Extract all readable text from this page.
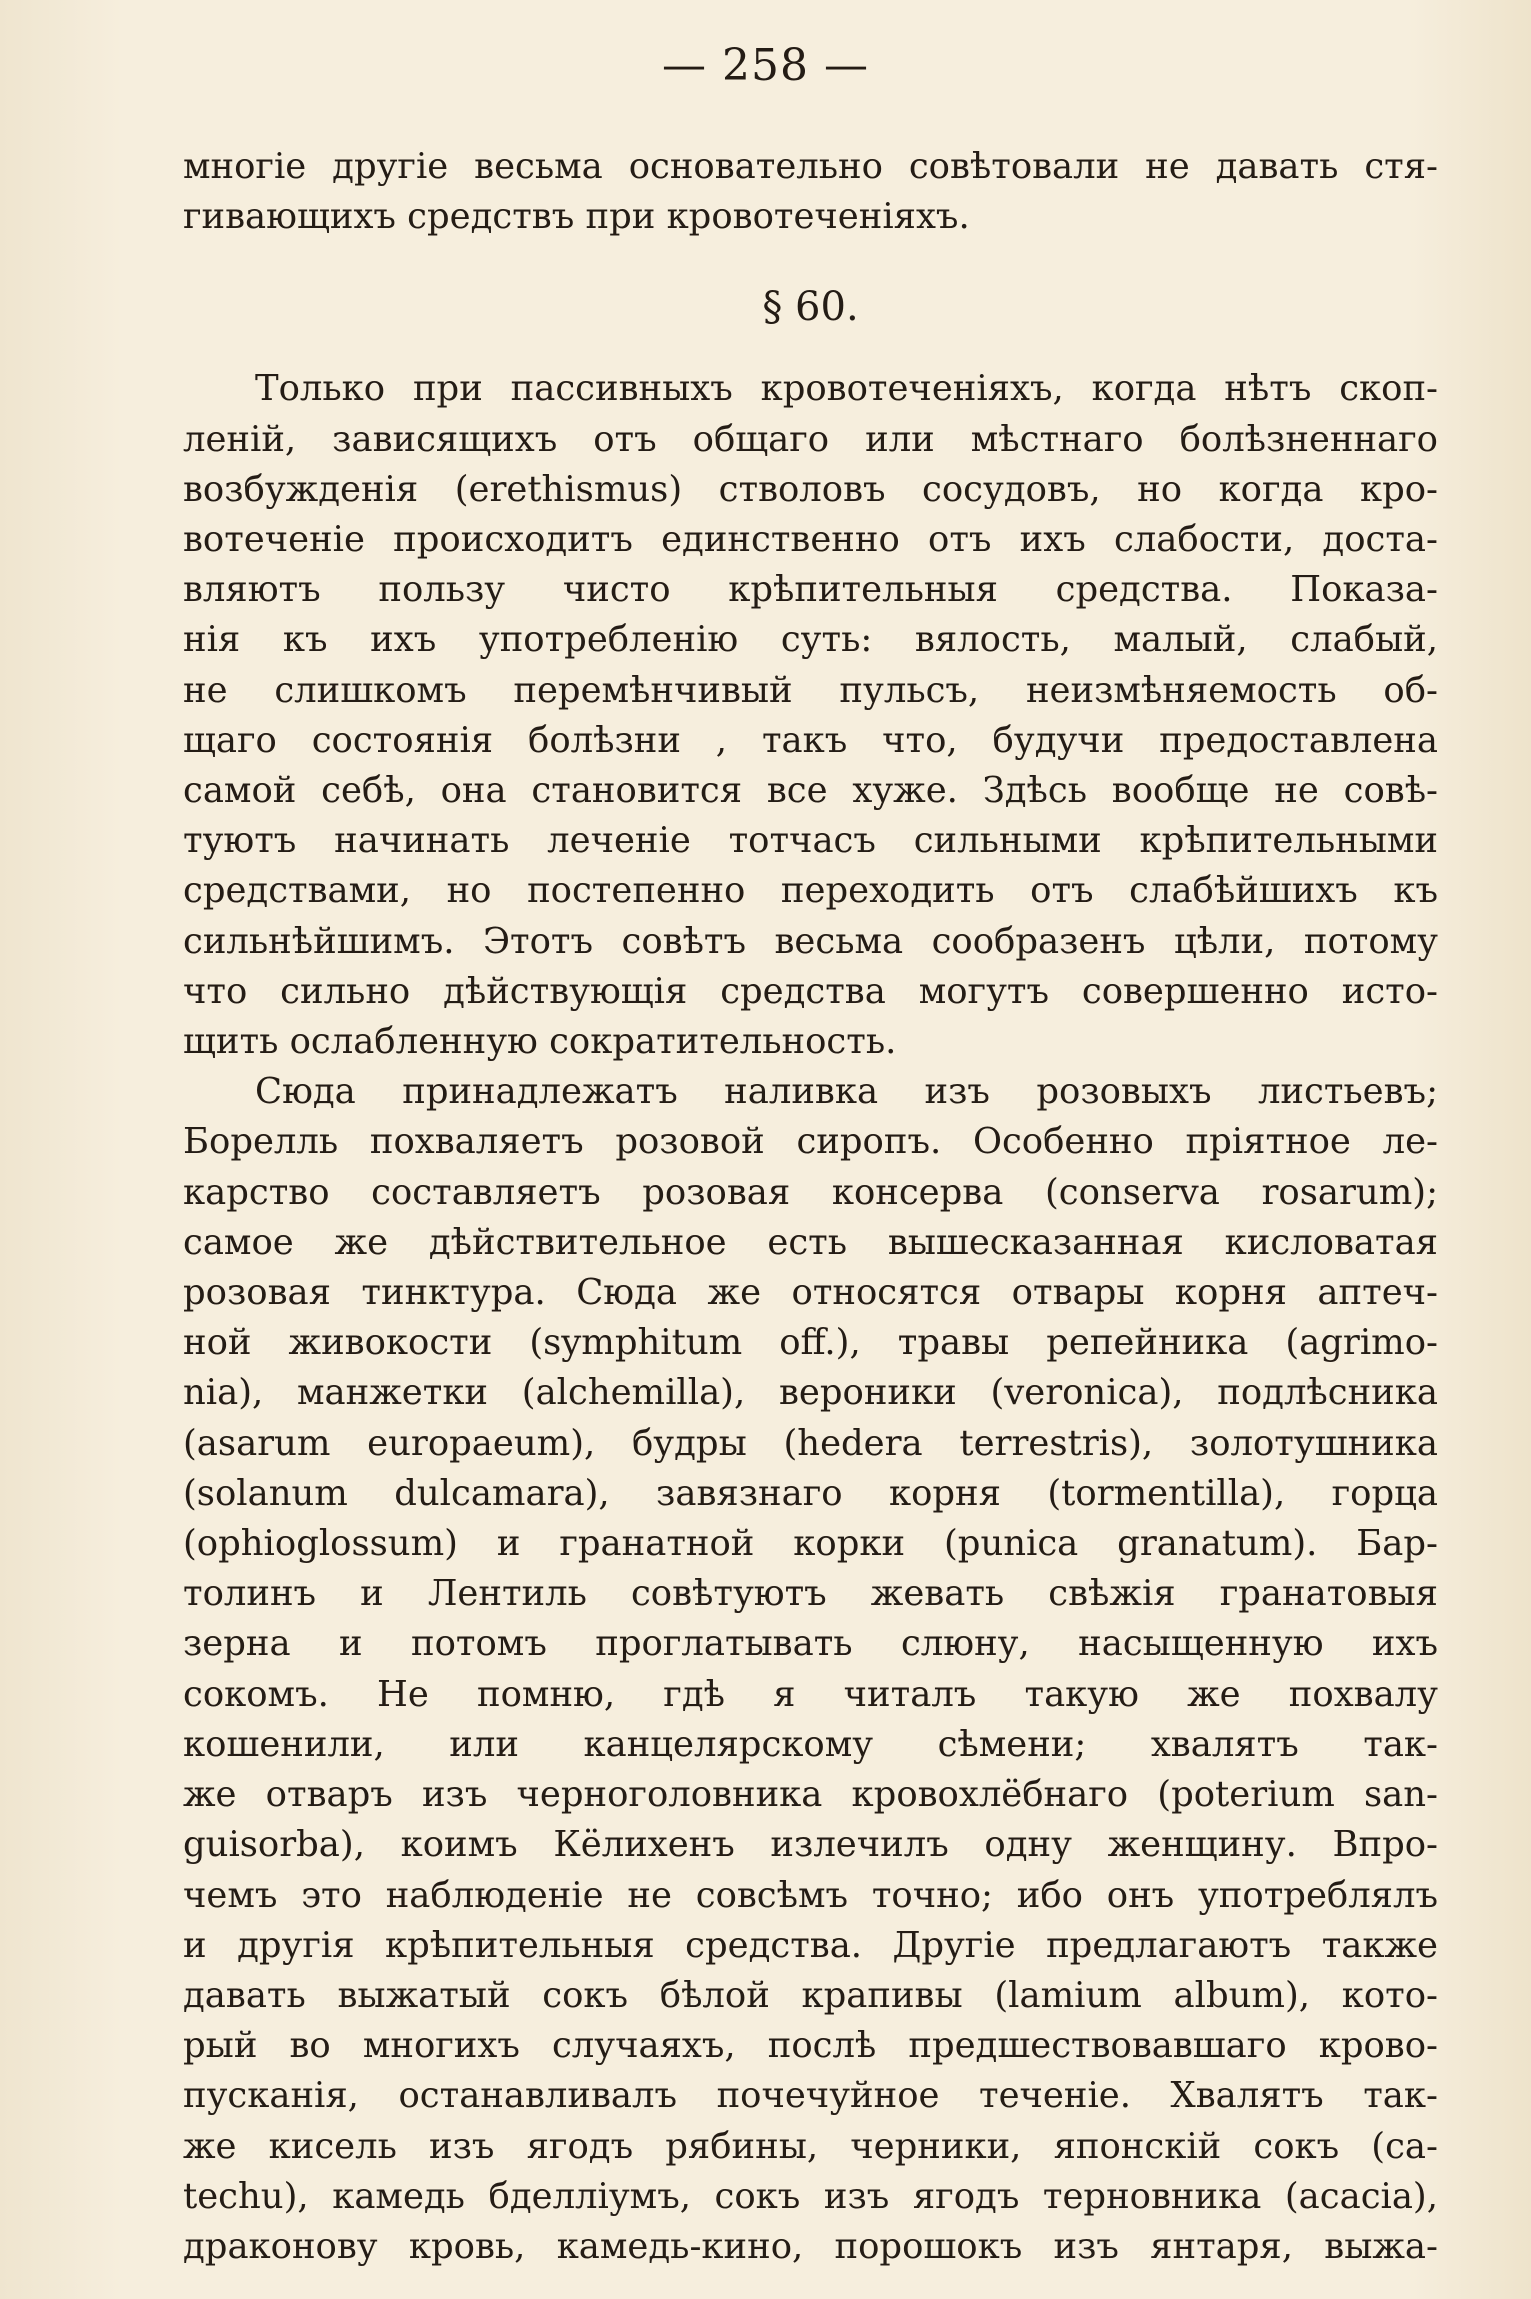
— 258 —
многіе другіе весьма основательно совѣтовали не давать стя-
гивающихъ средствъ при кровотеченіяхъ.
§ 60.
Только при пассивныхъ кровотеченіяхъ, когда нѣтъ скоп-
леній, зависящихъ отъ общаго или мѣстнаго болѣзненнаго
возбужденія (erethismus) стволовъ сосудовъ, но когда кро-
вотеченіе происходитъ единственно отъ ихъ слабости, доста-
вляютъ пользу чисто крѣпительныя средства. Показа-
нія къ ихъ употребленію суть: вялость, малый, слабый,
не слишкомъ перемѣнчивый пульсъ, неизмѣняемость об-
щаго состоянія болѣзни , такъ что, будучи предоставлена
самой себѣ, она становится все хуже. Здѣсь вообще не совѣ-
туютъ начинать леченіе тотчасъ сильными крѣпительными
средствами, но постепенно переходить отъ слабѣйшихъ къ
сильнѣйшимъ. Этотъ совѣтъ весьма сообразенъ цѣли, потому
что сильно дѣйствующія средства могутъ совершенно исто-
щить ослабленную сократительность.
Сюда принадлежатъ наливка изъ розовыхъ листьевъ;
Борелль похваляетъ розовой сиропъ. Особенно пріятное ле-
карство составляетъ розовая консерва (conserva rosarum);
самое же дѣйствительное есть вышесказанная кисловатая
розовая тинктура. Сюда же относятся отвары корня аптеч-
ной живокости (symphitum off.), травы репейника (agrimo-
nia), манжетки (alchemilla), вероники (veronica), подлѣсника
(asarum europaeum), будры (hedera terrestris), золотушника
(solanum dulcamara), завязнаго корня (tormentilla), горца
(ophioglossum) и гранатной корки (punica granatum). Бар-
толинъ и Лентиль совѣтуютъ жевать свѣжія гранатовыя
зерна и потомъ проглатывать слюну, насыщенную ихъ
сокомъ. Не помню, гдѣ я читалъ такую же похвалу
кошенили, или канцелярскому сѣмени; хвалятъ так-
же отваръ изъ черноголовника кровохлёбнаго (poterium san-
guisorba), коимъ Кёлихенъ излечилъ одну женщину. Впро-
чемъ это наблюденіе не совсѣмъ точно; ибо онъ употреблялъ
и другія крѣпительныя средства. Другіе предлагаютъ также
давать выжатый сокъ бѣлой крапивы (lamium album), кото-
рый во многихъ случаяхъ, послѣ предшествовавшаго крово-
пусканія, останавливалъ почечуйное теченіе. Хвалятъ так-
же кисель изъ ягодъ рябины, черники, японскій сокъ (ca-
techu), камедь бделліумъ, сокъ изъ ягодъ терновника (acacia),
драконову кровь, камедь-кино, порошокъ изъ янтаря, выжа-
